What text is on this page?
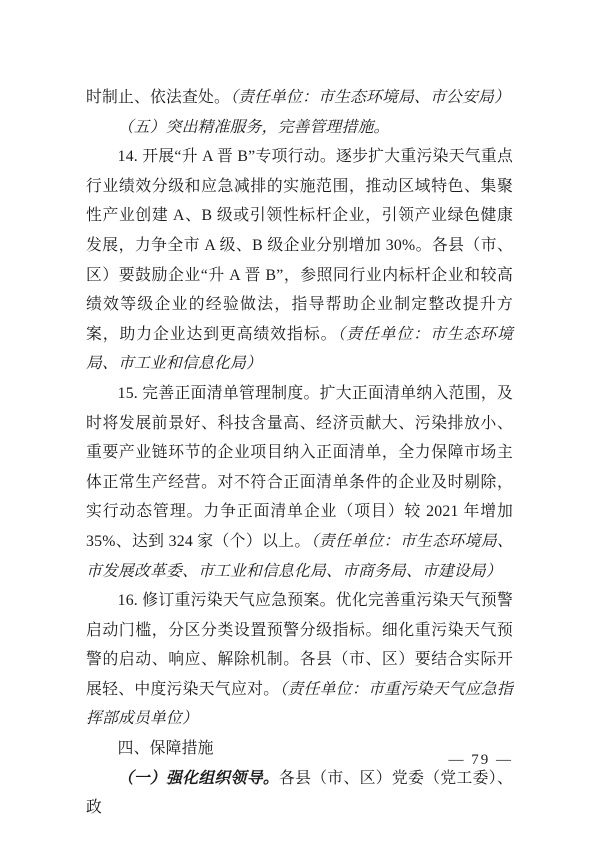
时制止、依法查处。（责任单位：市生态环境局、市公安局）

（五）突出精准服务，完善管理措施。

14. 开展“升 A 晋 B”专项行动。逐步扩大重污染天气重点行业绩效分级和应急减排的实施范围，推动区域特色、集聚性产业创建 A、B 级或引领性标杆企业，引领产业绿色健康发展，力争全市 A 级、B 级企业分别增加 30%。各县（市、区）要鼓励企业“升 A 晋 B”，参照同行业内标杆企业和较高绩效等级企业的经验做法，指导帮助企业制定整改提升方案，助力企业达到更高绩效指标。（责任单位：市生态环境局、市工业和信息化局）

15. 完善正面清单管理制度。扩大正面清单纳入范围，及时将发展前景好、科技含量高、经济贡献大、污染排放小、重要产业链环节的企业项目纳入正面清单，全力保障市场主体正常生产经营。对不符合正面清单条件的企业及时剔除，实行动态管理。力争正面清单企业（项目）较 2021 年增加 35%、达到 324 家（个）以上。（责任单位：市生态环境局、市发展改革委、市工业和信息化局、市商务局、市建设局）

16. 修订重污染天气应急预案。优化完善重污染天气预警启动门槛，分区分类设置预警分级指标。细化重污染天气预警的启动、响应、解除机制。各县（市、区）要结合实际开展轻、中度污染天气应对。（责任单位：市重污染天气应急指挥部成员单位）

四、保障措施

（一）强化组织领导。各县（市、区）党委（党工委）、政

— 79 —
